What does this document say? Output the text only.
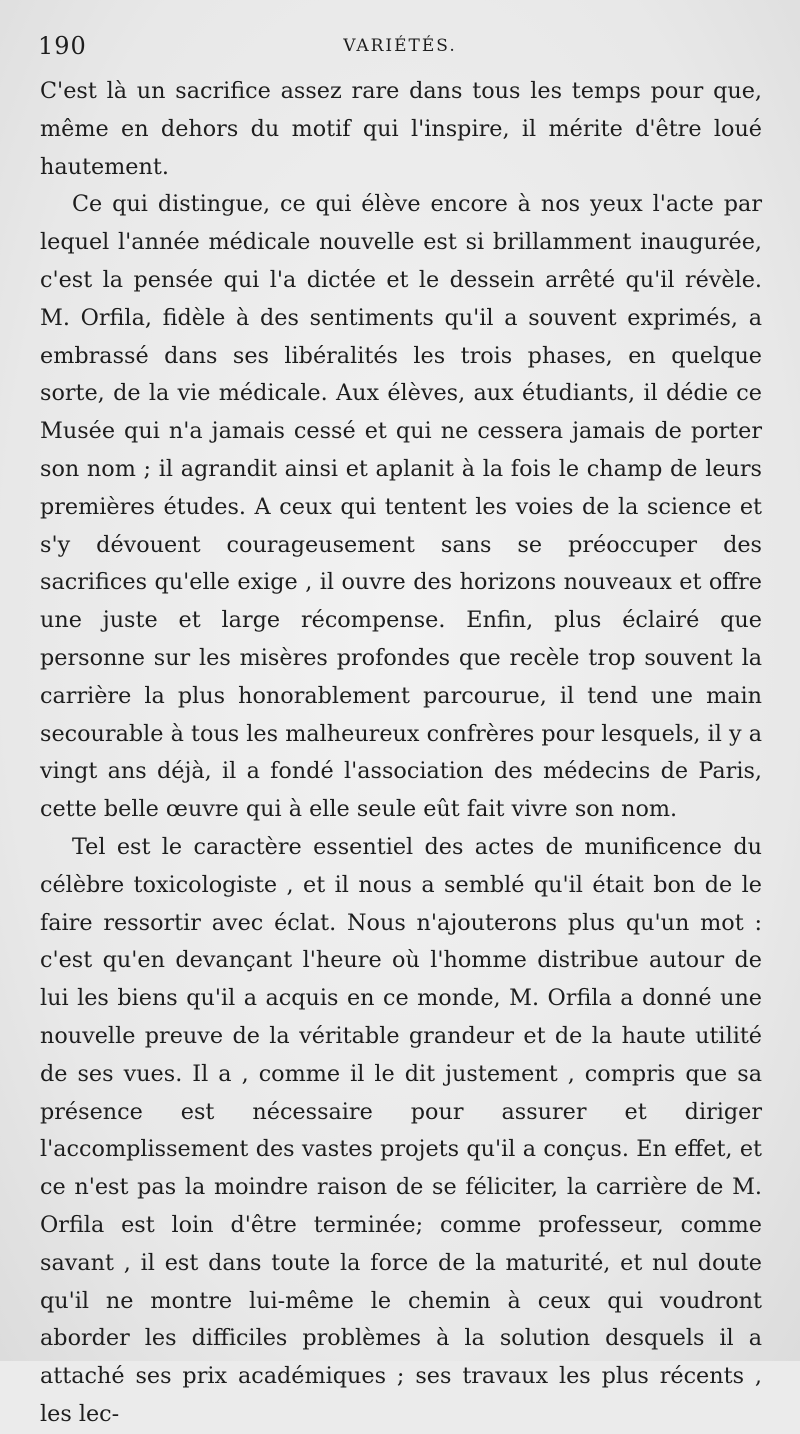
190	VARIÉTÉS.

C'est là un sacrifice assez rare dans tous les temps pour que, même en dehors du motif qui l'inspire, il mérite d'être loué hautement.

Ce qui distingue, ce qui élève encore à nos yeux l'acte par lequel l'année médicale nouvelle est si brillamment inaugurée, c'est la pensée qui l'a dictée et le dessein arrêté qu'il révèle. M. Orfila, fidèle à des sentiments qu'il a souvent exprimés, a embrassé dans ses libéralités les trois phases, en quelque sorte, de la vie médicale. Aux élèves, aux étudiants, il dédie ce Musée qui n'a jamais cessé et qui ne cessera jamais de porter son nom ; il agrandit ainsi et aplanit à la fois le champ de leurs premières études. A ceux qui tentent les voies de la science et s'y dévouent courageusement sans se préoccuper des sacrifices qu'elle exige , il ouvre des horizons nouveaux et offre une juste et large récompense. Enfin, plus éclairé que personne sur les misères profondes que recèle trop souvent la carrière la plus honorablement parcourue, il tend une main secourable à tous les malheureux confrères pour lesquels, il y a vingt ans déjà, il a fondé l'association des médecins de Paris, cette belle œuvre qui à elle seule eût fait vivre son nom.

Tel est le caractère essentiel des actes de munificence du célèbre toxicologiste , et il nous a semblé qu'il était bon de le faire ressortir avec éclat. Nous n'ajouterons plus qu'un mot : c'est qu'en devançant l'heure où l'homme distribue autour de lui les biens qu'il a acquis en ce monde, M. Orfila a donné une nouvelle preuve de la véritable grandeur et de la haute utilité de ses vues. Il a , comme il le dit justement , compris que sa présence est nécessaire pour assurer et diriger l'accomplissement des vastes projets qu'il a conçus. En effet, et ce n'est pas la moindre raison de se féliciter, la carrière de M. Orfila est loin d'être terminée; comme professeur, comme savant , il est dans toute la force de la maturité, et nul doute qu'il ne montre lui-même le chemin à ceux qui voudront aborder les difficiles problèmes à la solution desquels il a attaché ses prix académiques ; ses travaux les plus récents , les lec-
